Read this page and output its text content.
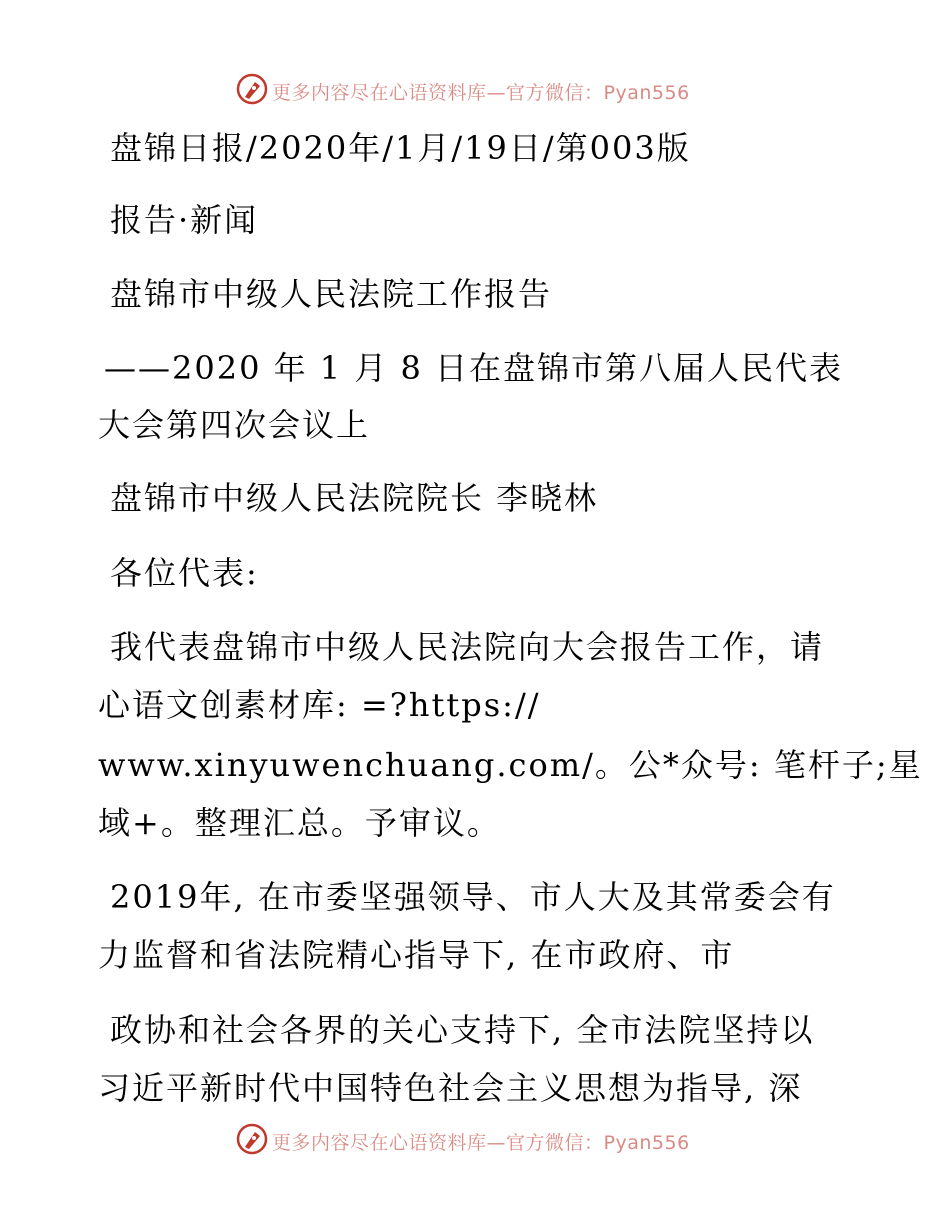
更多内容尽在心语资料库—官方微信：Pyan556
盘锦日报/2020年/1月/19日/第003版
报告·新闻
盘锦市中级人民法院工作报告
——2020 年 1 月 8 日在盘锦市第八届人民代表
大会第四次会议上
盘锦市中级人民法院院长 李晓林
各位代表:
我代表盘锦市中级人民法院向大会报告工作，请
心语文创素材库: =?https://
www.xinyuwenchuang.com/。公*众号: 笔杆子;星
域+。整理汇总。予审议。
2019年, 在市委坚强领导、市人大及其常委会有
力监督和省法院精心指导下, 在市政府、市
政协和社会各界的关心支持下, 全市法院坚持以
习近平新时代中国特色社会主义思想为指导, 深
更多内容尽在心语资料库—官方微信：Pyan556
